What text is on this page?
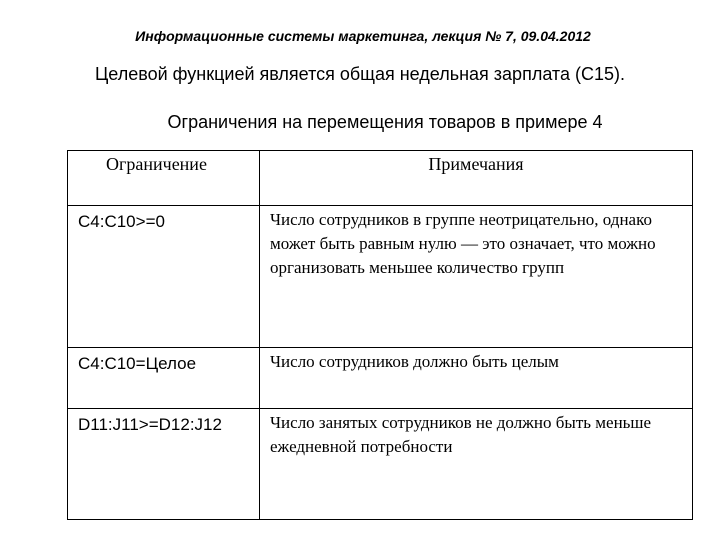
Информационные системы маркетинга, лекция № 7, 09.04.2012
Целевой функцией является общая недельная зарплата (C15).
Ограничения на перемещения товаров в примере 4
Ограничение	Примечания
C4:C10>=0	Число сотрудников в группе неотрицательно, однако может быть равным нулю — это означает, что можно организовать меньшее количество групп
C4:C10=Целое	Число сотрудников должно быть целым
D11:J11>=D12:J12	Число занятых сотрудников не должно быть меньше ежедневной потребности
